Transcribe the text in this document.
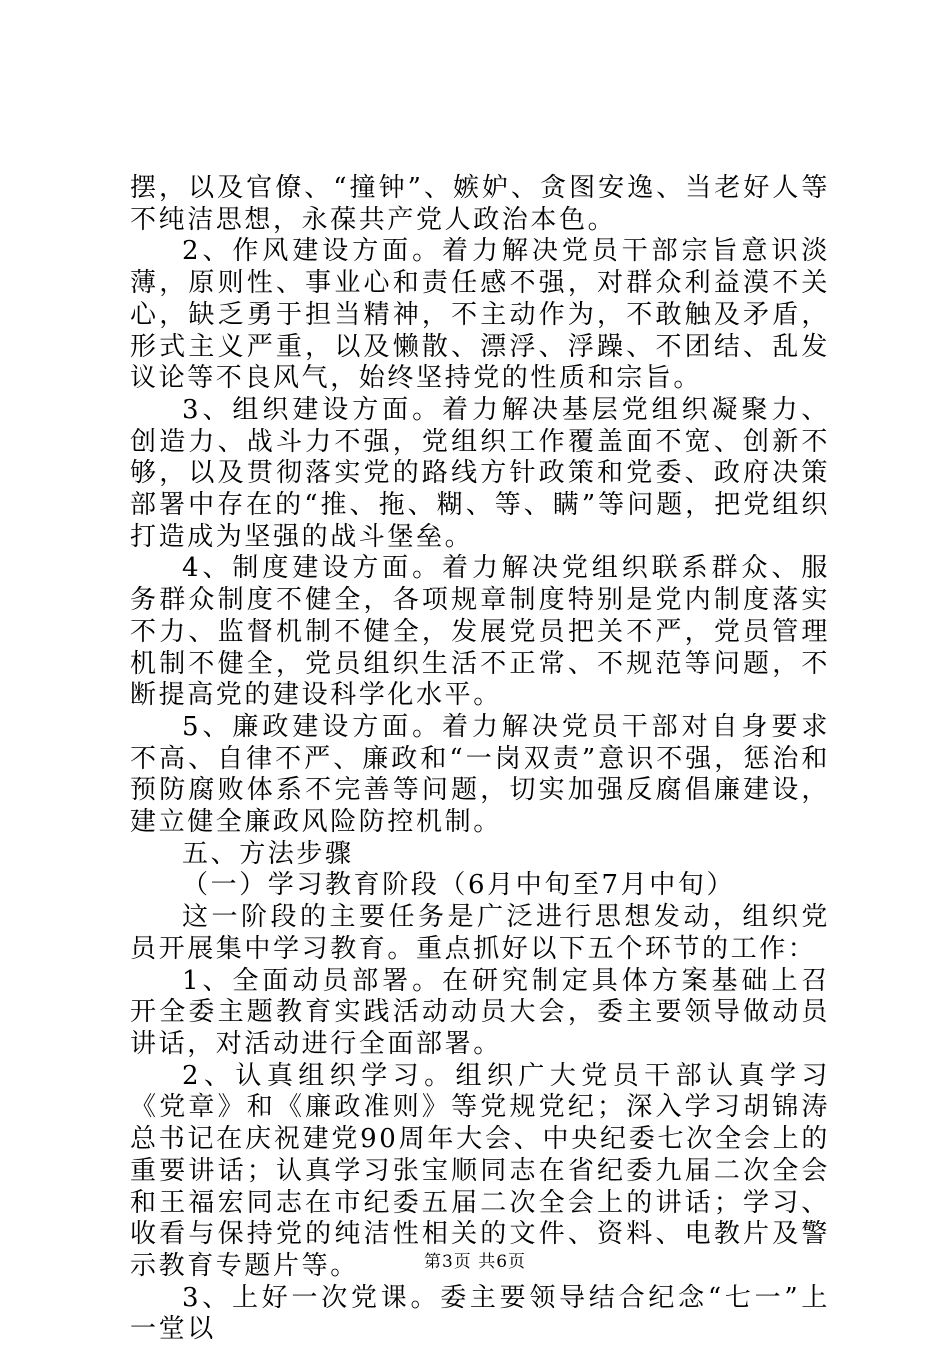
摆，以及官僚、“撞钟”、嫉妒、贪图安逸、当老好人等不纯洁思想，永葆共产党人政治本色。

2、作风建设方面。着力解决党员干部宗旨意识淡薄，原则性、事业心和责任感不强，对群众利益漠不关心，缺乏勇于担当精神，不主动作为，不敢触及矛盾，形式主义严重，以及懒散、漂浮、浮躁、不团结、乱发议论等不良风气，始终坚持党的性质和宗旨。

3、组织建设方面。着力解决基层党组织凝聚力、创造力、战斗力不强，党组织工作覆盖面不宽、创新不够，以及贯彻落实党的路线方针政策和党委、政府决策部署中存在的“推、拖、糊、等、瞒”等问题，把党组织打造成为坚强的战斗堡垒。

4、制度建设方面。着力解决党组织联系群众、服务群众制度不健全，各项规章制度特别是党内制度落实不力、监督机制不健全，发展党员把关不严，党员管理机制不健全，党员组织生活不正常、不规范等问题，不断提高党的建设科学化水平。

5、廉政建设方面。着力解决党员干部对自身要求不高、自律不严、廉政和“一岗双责”意识不强，惩治和预防腐败体系不完善等问题，切实加强反腐倡廉建设，建立健全廉政风险防控机制。

五、方法步骤

（一）学习教育阶段（6月中旬至7月中旬）

这一阶段的主要任务是广泛进行思想发动，组织党员开展集中学习教育。重点抓好以下五个环节的工作：

1、全面动员部署。在研究制定具体方案基础上召开全委主题教育实践活动动员大会，委主要领导做动员讲话，对活动进行全面部署。

2、认真组织学习。组织广大党员干部认真学习《党章》和《廉政准则》等党规党纪；深入学习胡锦涛总书记在庆祝建党90周年大会、中央纪委七次全会上的重要讲话；认真学习张宝顺同志在省纪委九届二次全会和王福宏同志在市纪委五届二次全会上的讲话；学习、收看与保持党的纯洁性相关的文件、资料、电教片及警示教育专题片等。

3、上好一次党课。委主要领导结合纪念“七一”上一堂以

第3页 共6页
